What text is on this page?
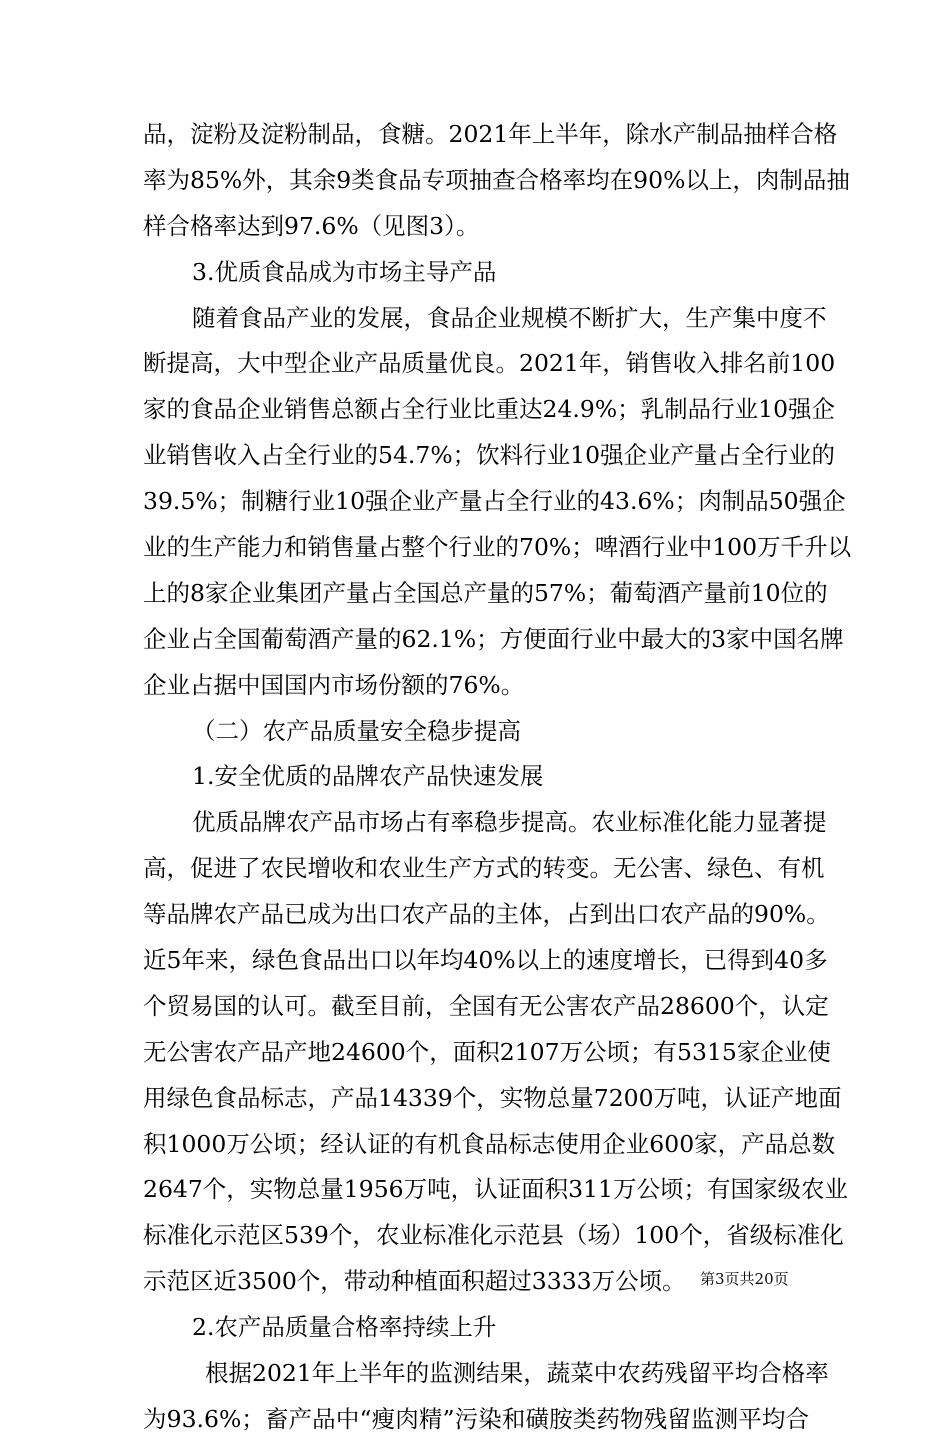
品，淀粉及淀粉制品，食糖。2021年上半年，除水产制品抽样合格
率为85%外，其余9类食品专项抽查合格率均在90%以上，肉制品抽
样合格率达到97.6%（见图3）。
3.优质食品成为市场主导产品
随着食品产业的发展，食品企业规模不断扩大，生产集中度不
断提高，大中型企业产品质量优良。2021年，销售收入排名前100
家的食品企业销售总额占全行业比重达24.9%；乳制品行业10强企
业销售收入占全行业的54.7%；饮料行业10强企业产量占全行业的
39.5%；制糖行业10强企业产量占全行业的43.6%；肉制品50强企
业的生产能力和销售量占整个行业的70%；啤酒行业中100万千升以
上的8家企业集团产量占全国总产量的57%；葡萄酒产量前10位的
企业占全国葡萄酒产量的62.1%；方便面行业中最大的3家中国名牌
企业占据中国国内市场份额的76%。
（二）农产品质量安全稳步提高
1.安全优质的品牌农产品快速发展
优质品牌农产品市场占有率稳步提高。农业标准化能力显著提
高，促进了农民增收和农业生产方式的转变。无公害、绿色、有机
等品牌农产品已成为出口农产品的主体，占到出口农产品的90%。
近5年来，绿色食品出口以年均40%以上的速度增长，已得到40多
个贸易国的认可。截至目前，全国有无公害农产品28600个，认定
无公害农产品产地24600个，面积2107万公顷；有5315家企业使
用绿色食品标志，产品14339个，实物总量7200万吨，认证产地面
积1000万公顷；经认证的有机食品标志使用企业600家，产品总数
2647个，实物总量1956万吨，认证面积311万公顷；有国家级农业
标准化示范区539个，农业标准化示范县（场）100个，省级标准化
示范区近3500个，带动种植面积超过3333万公顷。
2.农产品质量合格率持续上升
根据2021年上半年的监测结果，蔬菜中农药残留平均合格率
为93.6%；畜产品中“瘦肉精”污染和磺胺类药物残留监测平均合
第3页共20页
